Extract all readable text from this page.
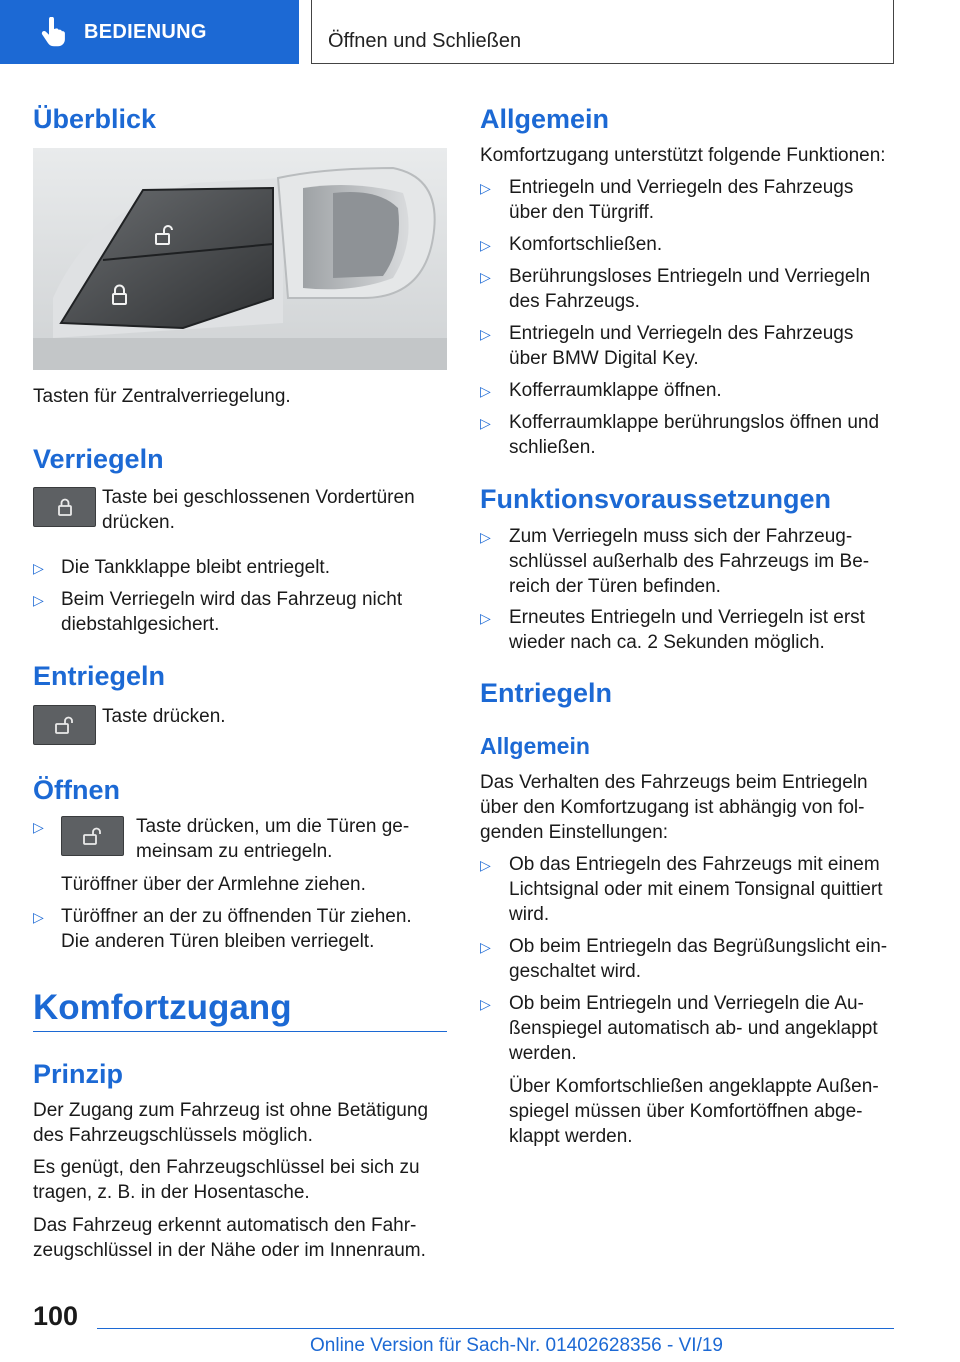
BEDIENUNG	Öffnen und Schließen
Überblick

Tasten für Zentralverriegelung.

Verriegeln

Taste bei geschlossenen Vordertüren

drücken.

▷ Die Tankklappe bleibt entriegelt.

▷ Beim Verriegeln wird das Fahrzeug nicht

diebstahlgesichert.

Entriegeln

Taste drücken.

Öffnen
▷	Taste drücken, um die Türen ge-

meinsam zu entriegeln.

Türöffner über der Armlehne ziehen.

▷ Türöffner an der zu öffnenden Tür ziehen.

Die anderen Türen bleiben verriegelt.

Komfortzugang
Prinzip

Der Zugang zum Fahrzeug ist ohne Betätigung

des Fahrzeugschlüssels möglich.

Es genügt, den Fahrzeugschlüssel bei sich zu

tragen, z. B. in der Hosentasche.

Das Fahrzeug erkennt automatisch den Fahr-

zeugschlüssel in der Nähe oder im Innenraum.

Allgemein

Komfortzugang unterstützt folgende Funktionen:

▷ Entriegeln und Verriegeln des Fahrzeugs

über den Türgriff.

▷ Komfortschließen.

▷ Berührungsloses Entriegeln und Verriegeln

des Fahrzeugs.

▷ Entriegeln und Verriegeln des Fahrzeugs

über BMW Digital Key.

▷ Kofferraumklappe öffnen.

▷ Kofferraumklappe berührungslos öffnen und

schließen.

Funktionsvoraussetzungen
▷ Zum Verriegeln muss sich der Fahrzeug-

schlüssel außerhalb des Fahrzeugs im Be-

reich der Türen befinden.

▷ Erneutes Entriegeln und Verriegeln ist erst

wieder nach ca. 2 Sekunden möglich.

Entriegeln
Allgemein

Das Verhalten des Fahrzeugs beim Entriegeln

über den Komfortzugang ist abhängig von fol-

genden Einstellungen:

▷ Ob das Entriegeln des Fahrzeugs mit einem

Lichtsignal oder mit einem Tonsignal quittiert

wird.

▷ Ob beim Entriegeln das Begrüßungslicht ein-

geschaltet wird.

▷ Ob beim Entriegeln und Verriegeln die Au-

ßenspiegel automatisch ab- und angeklappt

werden.

Über Komfortschließen angeklappte Außen-

spiegel müssen über Komfortöffnen abge-

klappt werden.

100
Online Version für Sach-Nr. 01402628356 - VI/19
